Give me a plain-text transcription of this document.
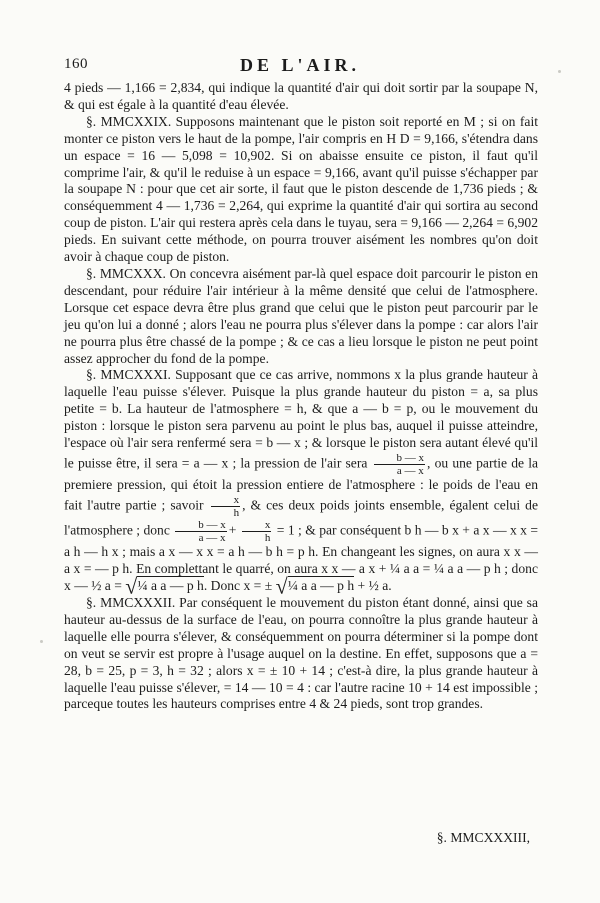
160	DE L'AIR.

4 pieds — 1,166 = 2,834, qui indique la quantité d'air qui doit sortir par la soupape N, & qui est égale à la quantité d'eau élevée.

§. MMCXXIX. Supposons maintenant que le piston soit reporté en M ; si on fait monter ce piston vers le haut de la pompe, l'air compris en H D = 9,166, s'étendra dans un espace = 16 — 5,098 = 10,902. Si on abaisse ensuite ce piston, il faut qu'il comprime l'air, & qu'il le reduise à un espace = 9,166, avant qu'il puisse s'échapper par la soupape N : pour que cet air sorte, il faut que le piston descende de 1,736 pieds ; & conséquemment 4 — 1,736 = 2,264, qui exprime la quantité d'air qui sortira au second coup de piston. L'air qui restera après cela dans le tuyau, sera = 9,166 — 2,264 = 6,902 pieds. En suivant cette méthode, on pourra trouver aisément les nombres qu'on doit avoir à chaque coup de piston.

§. MMCXXX. On concevra aisément par-là quel espace doit parcourir le piston en descendant, pour réduire l'air intérieur à la même densité que celui de l'atmosphere. Lorsque cet espace devra être plus grand que celui que le piston peut parcourir par le jeu qu'on lui a donné ; alors l'eau ne pourra plus s'élever dans la pompe : car alors l'air ne pourra plus être chassé de la pompe ; & ce cas a lieu lorsque le piston ne peut point assez approcher du fond de la pompe.

§. MMCXXXI. Supposant que ce cas arrive, nommons x la plus grande hauteur à laquelle l'eau puisse s'élever. Puisque la plus grande hauteur du piston = a, sa plus petite = b. La hauteur de l'atmosphere = h, & que a — b = p, ou le mouvement du piston : lorsque le piston sera parvenu au point le plus bas, auquel il puisse atteindre, l'espace où l'air sera renfermé sera = b — x ; & lorsque le piston sera autant élevé qu'il le puisse être, il sera = a — x ; la pression de l'air sera $\frac{b — x}{a — x}$ , ou une partie de la premiere pression, qui étoit la pression entiere de l'atmosphere : le poids de l'eau en fait l'autre partie ; savoir $\frac{x}{h}$ , & ces deux poids joints ensemble, égalent celui de l'atmosphere ; donc $\frac{b — x}{a — x} + \frac{x}{h} = 1$ ; & par conséquent b h — b x + a x — x x = a h — h x ; mais a x — x x = a h — b h = p h. En changeant les signes, on aura x x — a x = — p h. En complettant le quarré, on aura x x — a x + ¼ a a = ¼ a a — p h ; donc x — ½ a = √¼ a a — p h. Donc x = ± √¼ a a — p h + ½ a.

§. MMCXXXII. Par conséquent le mouvement du piston étant donné, ainsi que sa hauteur au-dessus de la surface de l'eau, on pourra connoître la plus grande hauteur à laquelle elle pourra s'élever, & conséquemment on pourra déterminer si la pompe dont on veut se servir est propre à l'usage auquel on la destine. En effet, supposons que a = 28, b = 25, p = 3, h = 32 ; alors x = ± 10 + 14 ; c'est-à dire, la plus grande hauteur à laquelle l'eau puisse s'élever, = 14 — 10 = 4 : car l'autre racine 10 + 14 est impossible ; parceque toutes les hauteurs comprises entre 4 & 24 pieds, sont trop grandes.

§. MMCXXXIII,
